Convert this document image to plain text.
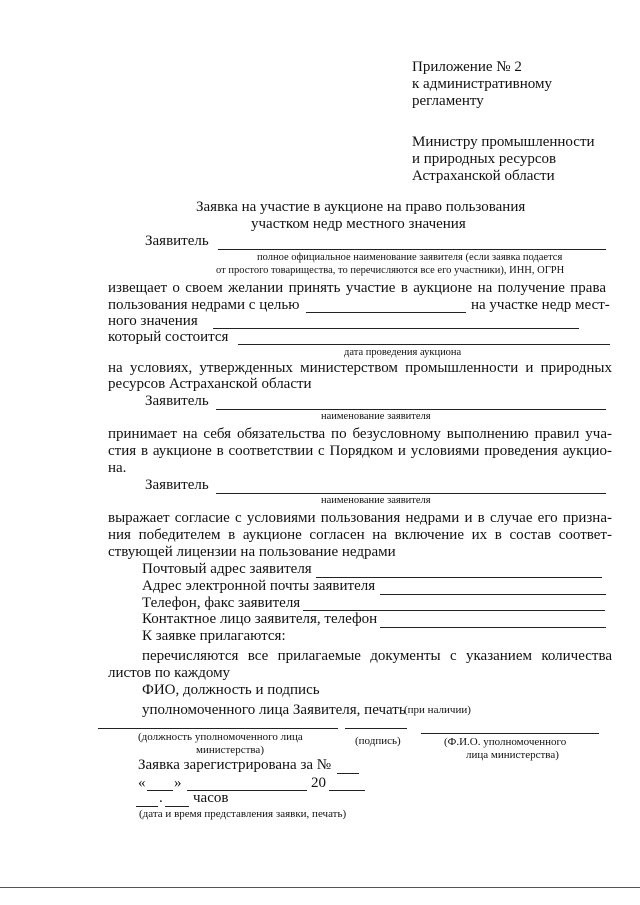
Приложение № 2
к административному
регламенту
Министру промышленности
и природных ресурсов
Астраханской области
Заявка на участие в аукционе на право пользования
участком недр местного значения
Заявитель
полное официальное наименование заявителя (если заявка подается
от простого товарищества, то перечисляются все его участники), ИНН, ОГРН
извещает о своем желании принять участие в аукционе на получение права
пользования недрами с целью	на участке недр мест-
ного значения
который состоится
дата проведения аукциона
на условиях, утвержденных министерством промышленности и природных
ресурсов Астраханской области
Заявитель
наименование заявителя
принимает на себя обязательства по безусловному выполнению правил уча-
стия в аукционе в соответствии с Порядком и условиями проведения аукцио-
на.
Заявитель
наименование заявителя
выражает согласие с условиями пользования недрами и в случае его призна-
ния победителем в аукционе согласен на включение их в состав соответ-
ствующей лицензии на пользование недрами
Почтовый адрес заявителя
Адрес электронной почты заявителя
Телефон, факс заявителя
Контактное лицо заявителя, телефон
К заявке прилагаются:
перечисляются все прилагаемые документы с указанием количества
листов по каждому
ФИО, должность и подпись
уполномоченного лица Заявителя, печать
(при наличии)
(должность уполномоченного лица
министерства)
(подпись)	(Ф.И.О. уполномоченного
лица министерства)
Заявка зарегистрирована за №
« »	20
. часов
(дата и время представления заявки, печать)
